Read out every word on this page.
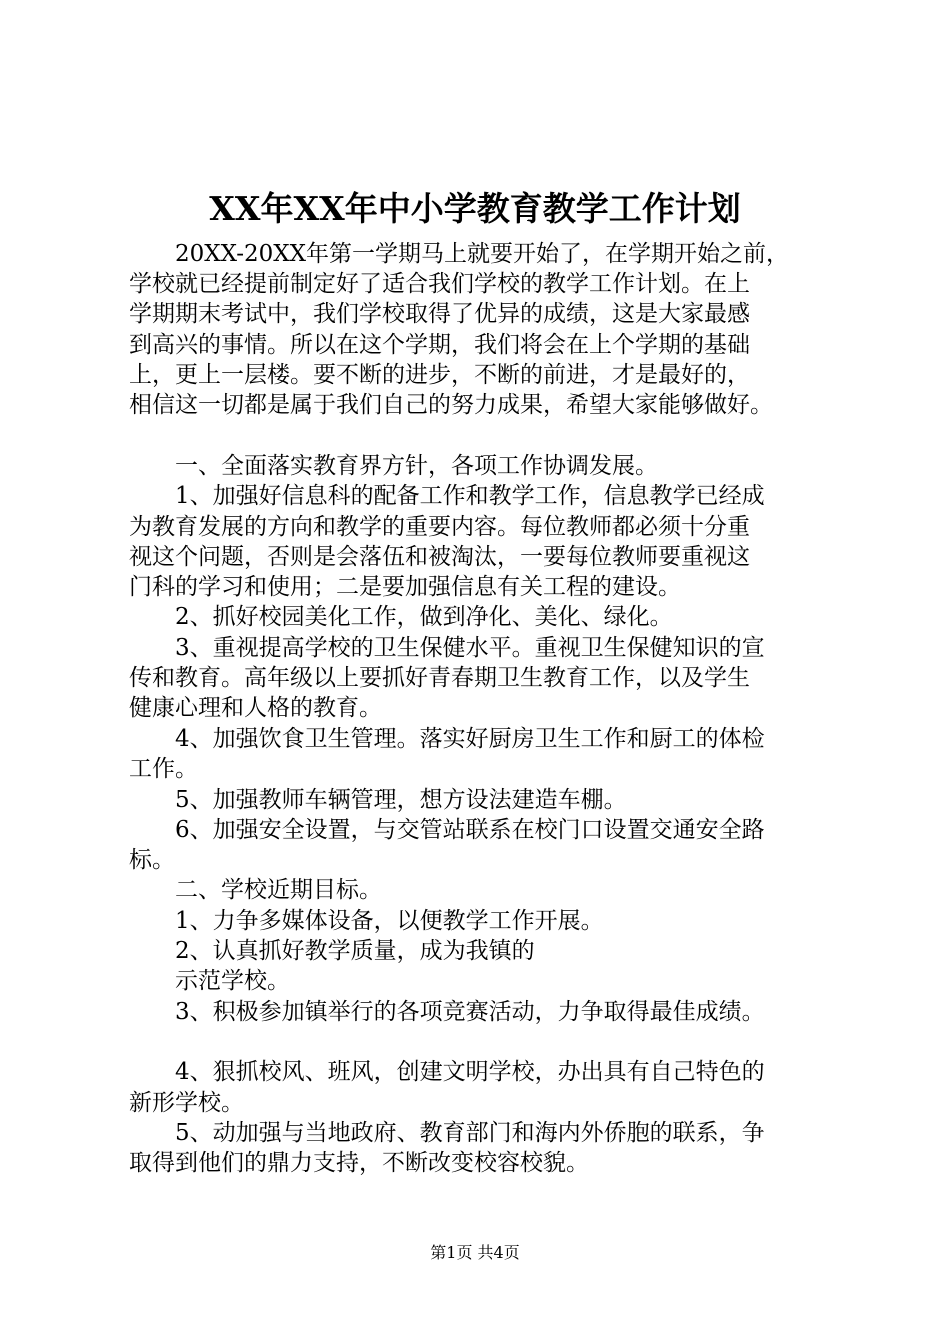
XX年XX年中小学教育教学工作计划
　　20XX-20XX年第一学期马上就要开始了，在学期开始之前，
学校就已经提前制定好了适合我们学校的教学工作计划。在上
学期期末考试中，我们学校取得了优异的成绩，这是大家最感
到高兴的事情。所以在这个学期，我们将会在上个学期的基础
上，更上一层楼。要不断的进步，不断的前进，才是最好的，
相信这一切都是属于我们自己的努力成果，希望大家能够做好。
　　一、全面落实教育界方针，各项工作协调发展。
　　1、加强好信息科的配备工作和教学工作，信息教学已经成
为教育发展的方向和教学的重要内容。每位教师都必须十分重
视这个问题，否则是会落伍和被淘汰，一要每位教师要重视这
门科的学习和使用；二是要加强信息有关工程的建设。
　　2、抓好校园美化工作，做到净化、美化、绿化。
　　3、重视提高学校的卫生保健水平。重视卫生保健知识的宣
传和教育。高年级以上要抓好青春期卫生教育工作，以及学生
健康心理和人格的教育。
　　4、加强饮食卫生管理。落实好厨房卫生工作和厨工的体检
工作。
　　5、加强教师车辆管理，想方设法建造车棚。
　　6、加强安全设置，与交管站联系在校门口设置交通安全路
标。
　　二、学校近期目标。
　　1、力争多媒体设备，以便教学工作开展。
　　2、认真抓好教学质量，成为我镇的
　　示范学校。
　　3、积极参加镇举行的各项竞赛活动，力争取得最佳成绩。
　　4、狠抓校风、班风，创建文明学校，办出具有自己特色的
新形学校。
　　5、动加强与当地政府、教育部门和海内外侨胞的联系，争
取得到他们的鼎力支持，不断改变校容校貌。
第1页 共4页
